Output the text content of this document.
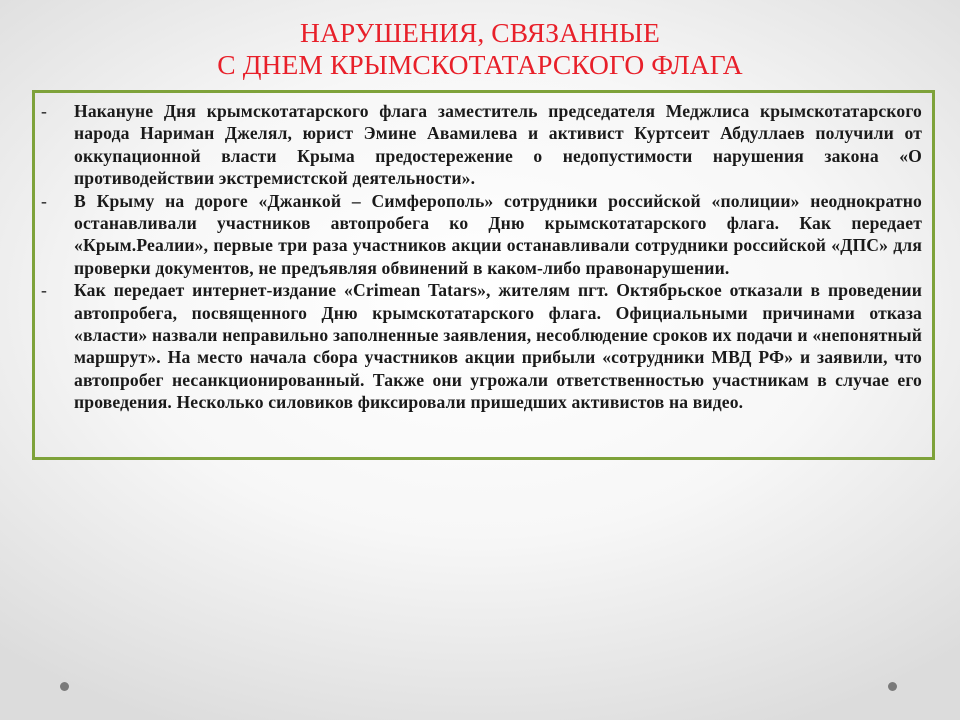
НАРУШЕНИЯ, СВЯЗАННЫЕ
С ДНЕМ КРЫМСКОТАТАРСКОГО ФЛАГА
- Накануне Дня крымскотатарского флага заместитель председателя Меджлиса крымскотатарского народа Нариман Джелял, юрист Эмине Авамилева и активист Куртсеит Абдуллаев получили от оккупационной власти Крыма предостережение о недопустимости нарушения закона «О противодействии экстремистской деятельности».
- В Крыму на дороге «Джанкой – Симферополь» сотрудники российской «полиции» неоднократно останавливали участников автопробега ко Дню крымскотатарского флага. Как передает «Крым.Реалии», первые три раза участников акции останавливали сотрудники российской «ДПС» для проверки документов, не предъявляя обвинений в каком-либо правонарушении.
- Как передает интернет-издание «Crimean Tatars», жителям пгт. Октябрьское отказали в проведении автопробега, посвященного Дню крымскотатарского флага. Официальными причинами отказа «власти» назвали неправильно заполненные заявления, несоблюдение сроков их подачи и «непонятный маршрут». На место начала сбора участников акции прибыли «сотрудники МВД РФ» и заявили, что автопробег несанкционированный. Также они угрожали ответственностью участникам в случае его проведения. Несколько силовиков фиксировали пришедших активистов на видео.
